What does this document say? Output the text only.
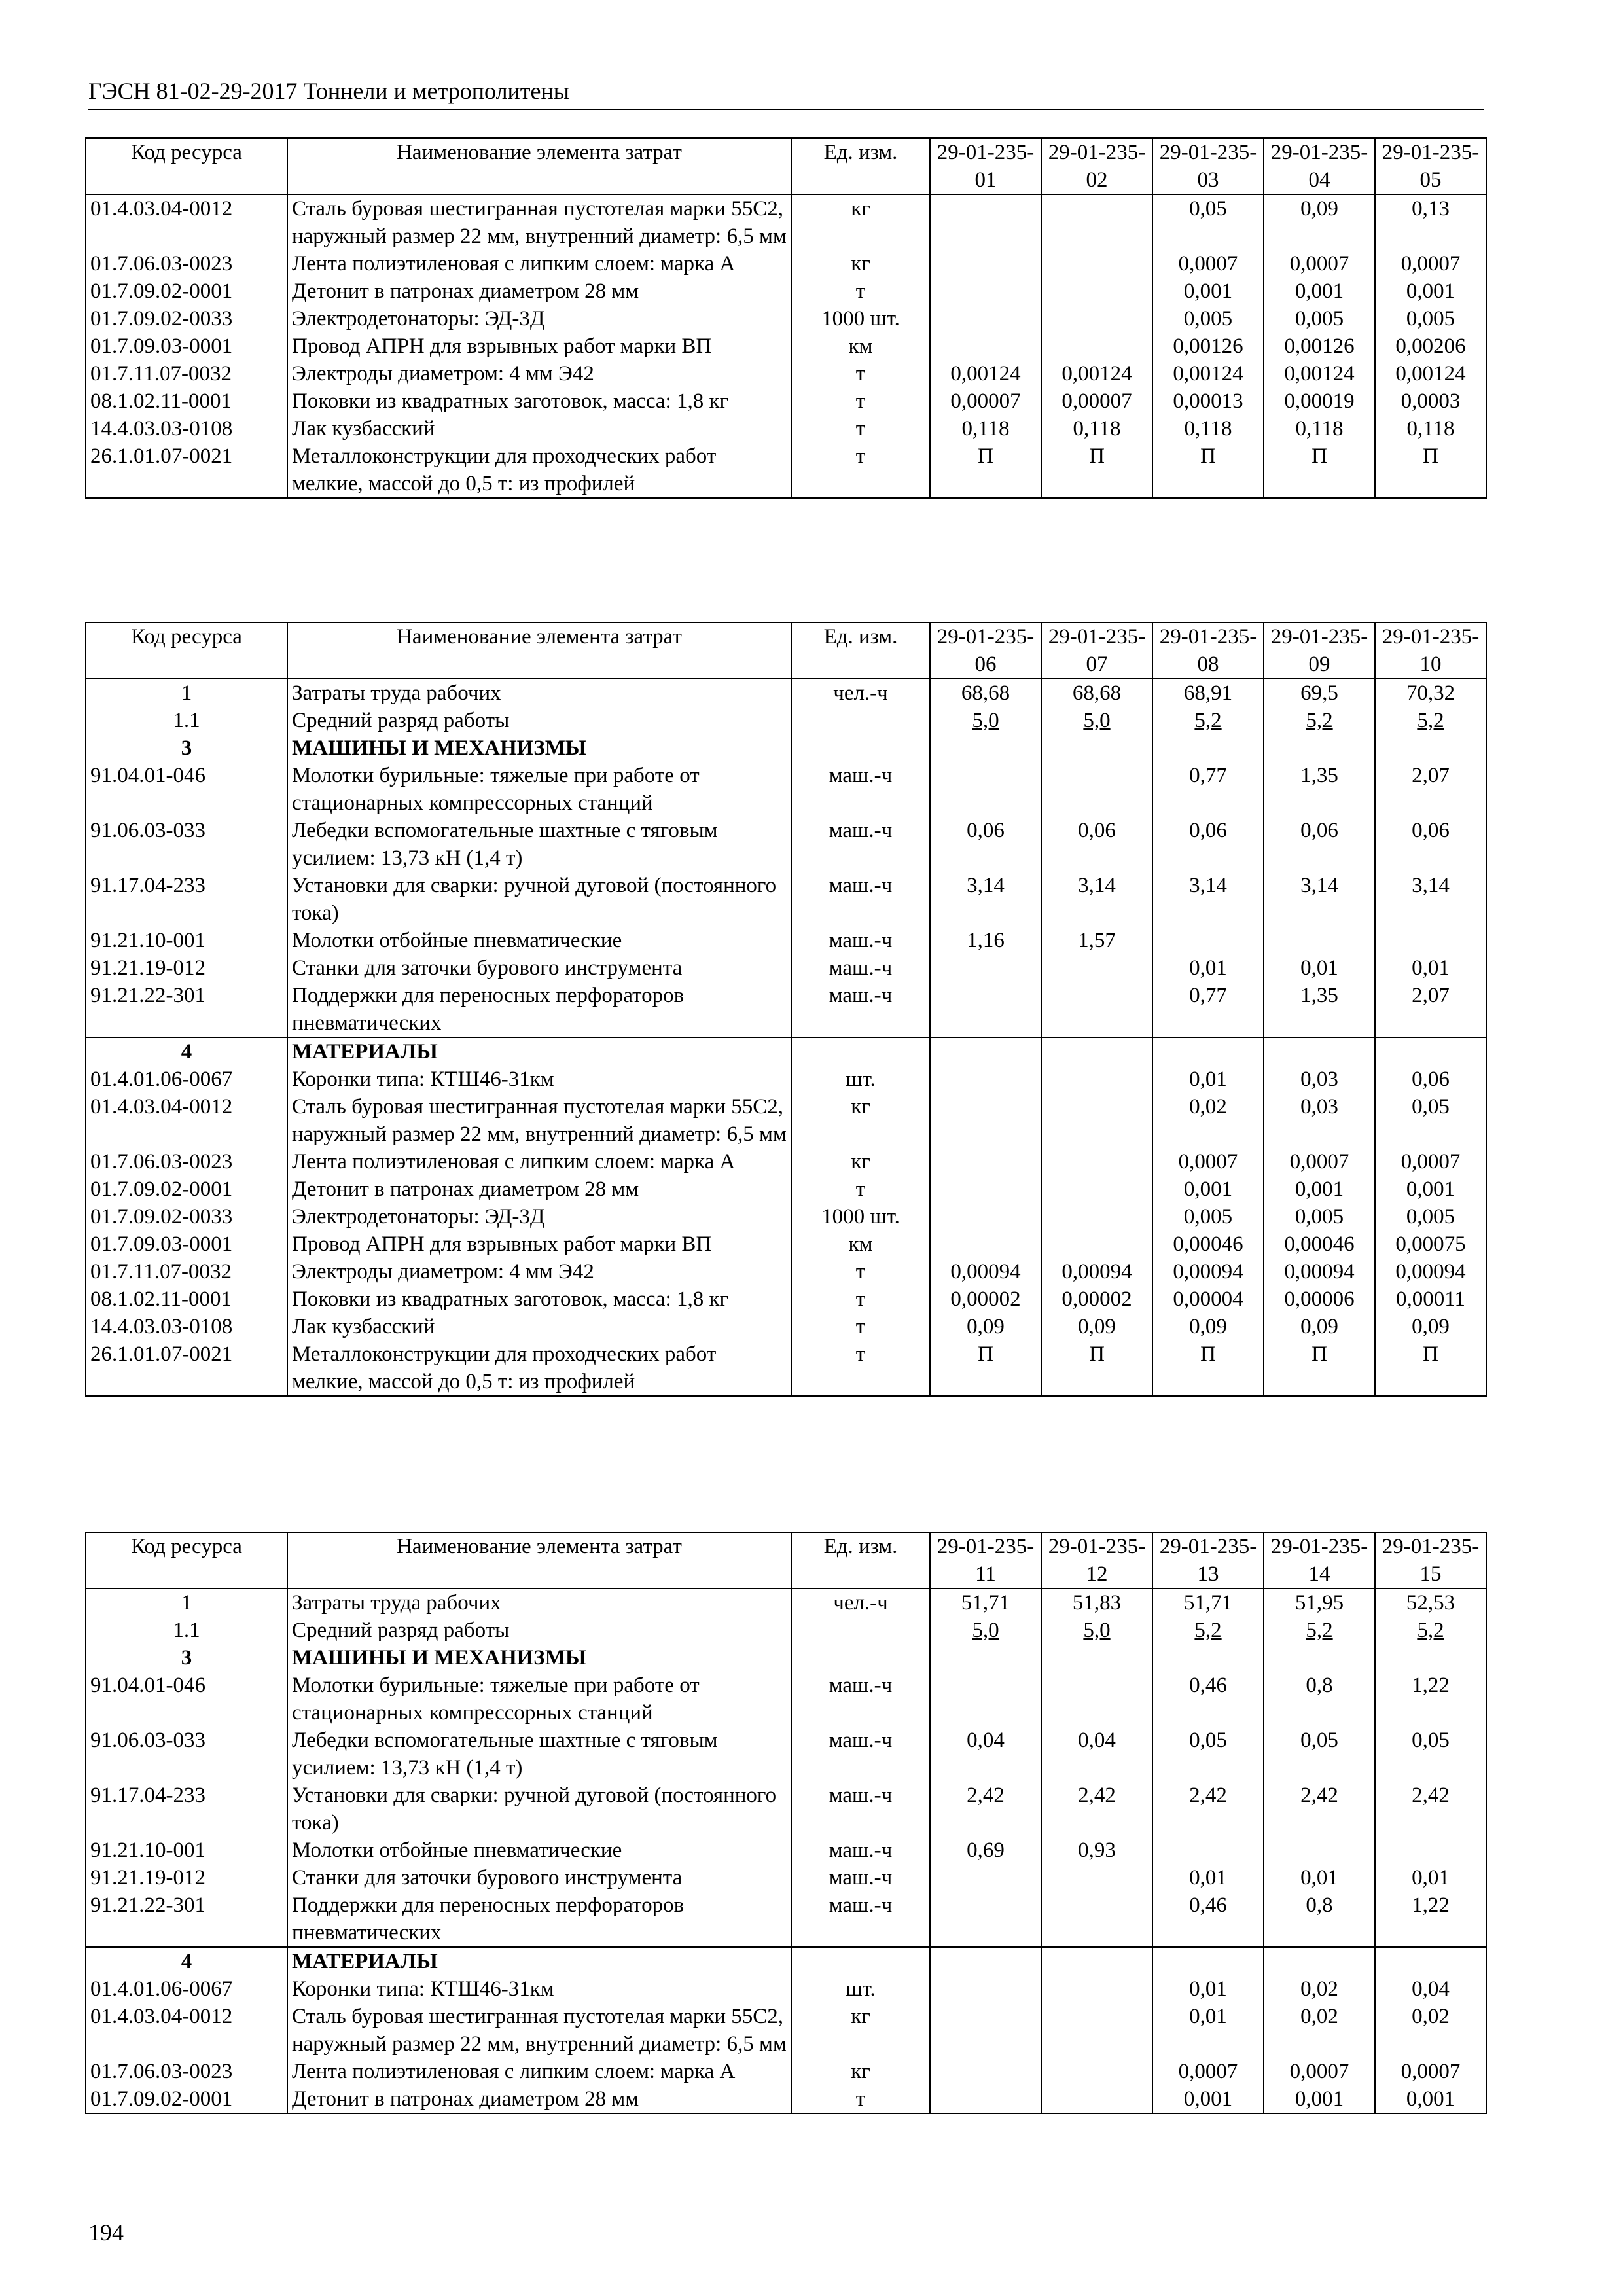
ГЭСН 81-02-29-2017 Тоннели и метрополитены
Код ресурса	Наименование элемента затрат	Ед. изм.	29-01-235-01	29-01-235-02	29-01-235-03	29-01-235-04	29-01-235-05
01.4.03.04-0012	Сталь буровая шестигранная пустотелая марки 55С2, наружный размер 22 мм, внутренний диаметр: 6,5 мм	кг			0,05	0,09	0,13
01.7.06.03-0023	Лента полиэтиленовая с липким слоем: марка А	кг			0,0007	0,0007	0,0007
01.7.09.02-0001	Детонит в патронах диаметром 28 мм	т			0,001	0,001	0,001
01.7.09.02-0033	Электродетонаторы: ЭД-3Д	1000 шт.			0,005	0,005	0,005
01.7.09.03-0001	Провод АПРН для взрывных работ марки ВП	км			0,00126	0,00126	0,00206
01.7.11.07-0032	Электроды диаметром: 4 мм Э42	т	0,00124	0,00124	0,00124	0,00124	0,00124
08.1.02.11-0001	Поковки из квадратных заготовок, масса: 1,8 кг	т	0,00007	0,00007	0,00013	0,00019	0,0003
14.4.03.03-0108	Лак кузбасский	т	0,118	0,118	0,118	0,118	0,118
26.1.01.07-0021	Металлоконструкции для проходческих работ мелкие, массой до 0,5 т: из профилей	т	П	П	П	П	П
Код ресурса	Наименование элемента затрат	Ед. изм.	29-01-235-06	29-01-235-07	29-01-235-08	29-01-235-09	29-01-235-10
1	Затраты труда рабочих	чел.-ч	68,68	68,68	68,91	69,5	70,32
1.1	Средний разряд работы		5,0	5,0	5,2	5,2	5,2
3	МАШИНЫ И МЕХАНИЗМЫ						
91.04.01-046	Молотки бурильные: тяжелые при работе от стационарных компрессорных станций	маш.-ч			0,77	1,35	2,07
91.06.03-033	Лебедки вспомогательные шахтные с тяговым усилием: 13,73 кН (1,4 т)	маш.-ч	0,06	0,06	0,06	0,06	0,06
91.17.04-233	Установки для сварки: ручной дуговой (постоянного тока)	маш.-ч	3,14	3,14	3,14	3,14	3,14
91.21.10-001	Молотки отбойные пневматические	маш.-ч	1,16	1,57			
91.21.19-012	Станки для заточки бурового инструмента	маш.-ч			0,01	0,01	0,01
91.21.22-301	Поддержки для переносных перфораторов пневматических	маш.-ч			0,77	1,35	2,07
4	МАТЕРИАЛЫ						
01.4.01.06-0067	Коронки типа: КТШ46-31км	шт.			0,01	0,03	0,06
01.4.03.04-0012	Сталь буровая шестигранная пустотелая марки 55С2, наружный размер 22 мм, внутренний диаметр: 6,5 мм	кг			0,02	0,03	0,05
01.7.06.03-0023	Лента полиэтиленовая с липким слоем: марка А	кг			0,0007	0,0007	0,0007
01.7.09.02-0001	Детонит в патронах диаметром 28 мм	т			0,001	0,001	0,001
01.7.09.02-0033	Электродетонаторы: ЭД-3Д	1000 шт.			0,005	0,005	0,005
01.7.09.03-0001	Провод АПРН для взрывных работ марки ВП	км			0,00046	0,00046	0,00075
01.7.11.07-0032	Электроды диаметром: 4 мм Э42	т	0,00094	0,00094	0,00094	0,00094	0,00094
08.1.02.11-0001	Поковки из квадратных заготовок, масса: 1,8 кг	т	0,00002	0,00002	0,00004	0,00006	0,00011
14.4.03.03-0108	Лак кузбасский	т	0,09	0,09	0,09	0,09	0,09
26.1.01.07-0021	Металлоконструкции для проходческих работ мелкие, массой до 0,5 т: из профилей	т	П	П	П	П	П
Код ресурса	Наименование элемента затрат	Ед. изм.	29-01-235-11	29-01-235-12	29-01-235-13	29-01-235-14	29-01-235-15
1	Затраты труда рабочих	чел.-ч	51,71	51,83	51,71	51,95	52,53
1.1	Средний разряд работы		5,0	5,0	5,2	5,2	5,2
3	МАШИНЫ И МЕХАНИЗМЫ						
91.04.01-046	Молотки бурильные: тяжелые при работе от стационарных компрессорных станций	маш.-ч			0,46	0,8	1,22
91.06.03-033	Лебедки вспомогательные шахтные с тяговым усилием: 13,73 кН (1,4 т)	маш.-ч	0,04	0,04	0,05	0,05	0,05
91.17.04-233	Установки для сварки: ручной дуговой (постоянного тока)	маш.-ч	2,42	2,42	2,42	2,42	2,42
91.21.10-001	Молотки отбойные пневматические	маш.-ч	0,69	0,93			
91.21.19-012	Станки для заточки бурового инструмента	маш.-ч			0,01	0,01	0,01
91.21.22-301	Поддержки для переносных перфораторов пневматических	маш.-ч			0,46	0,8	1,22
4	МАТЕРИАЛЫ						
01.4.01.06-0067	Коронки типа: КТШ46-31км	шт.			0,01	0,02	0,04
01.4.03.04-0012	Сталь буровая шестигранная пустотелая марки 55С2, наружный размер 22 мм, внутренний диаметр: 6,5 мм	кг			0,01	0,02	0,02
01.7.06.03-0023	Лента полиэтиленовая с липким слоем: марка А	кг			0,0007	0,0007	0,0007
01.7.09.02-0001	Детонит в патронах диаметром 28 мм	т			0,001	0,001	0,001
194
